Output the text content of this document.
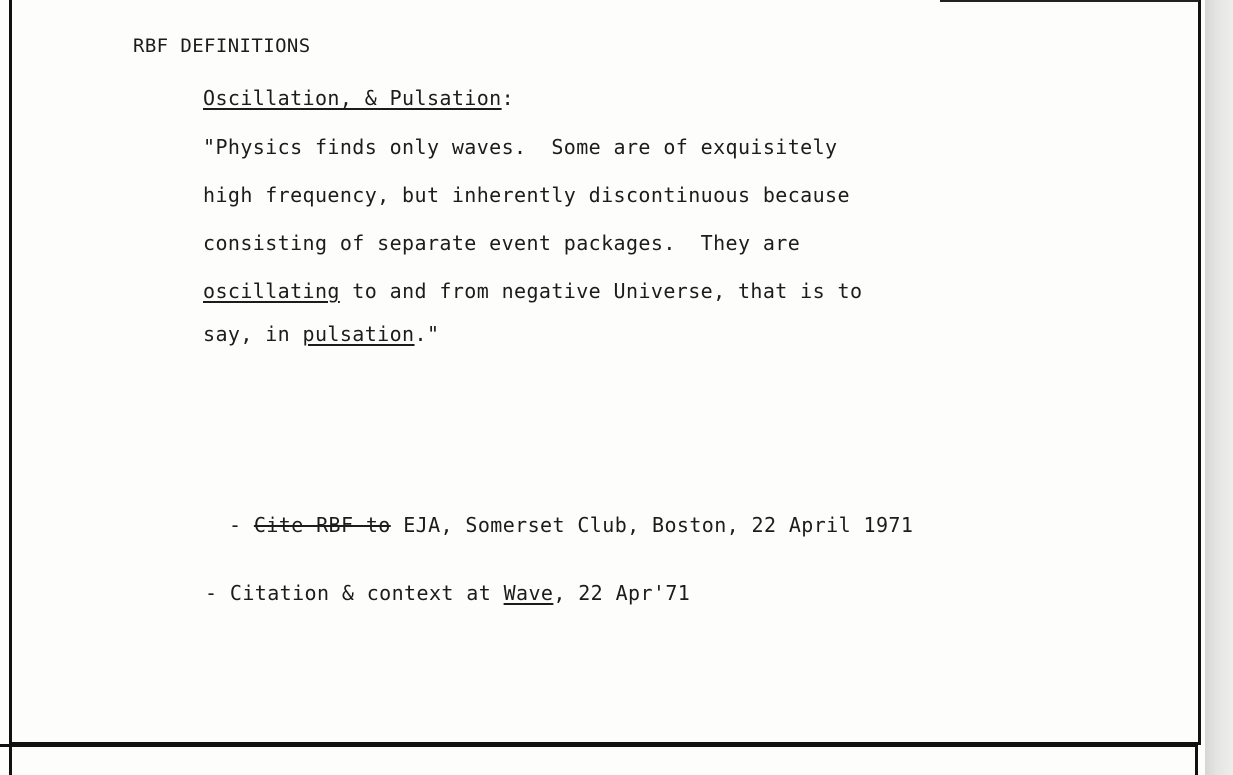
RBF DEFINITIONS
Oscillation, & Pulsation:
"Physics finds only waves.  Some are of exquisitely
high frequency, but inherently discontinuous because
consisting of separate event packages.  They are
oscillating to and from negative Universe, that is to
say, in pulsation."
- Cite RBF to EJA, Somerset Club, Boston, 22 April 1971
- Citation & context at Wave, 22 Apr'71
